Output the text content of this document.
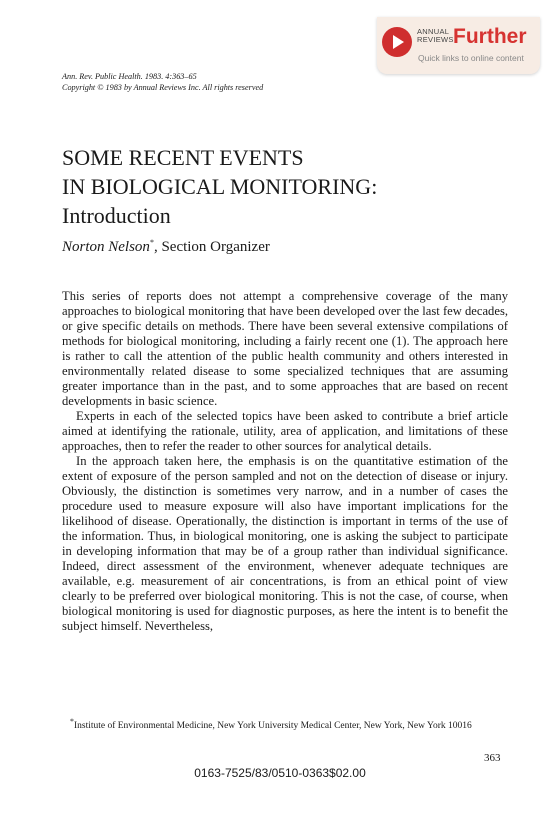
ANNUAL
REVIEWS Further
Quick links to online content
Ann. Rev. Public Health. 1983. 4:363–65
Copyright © 1983 by Annual Reviews Inc. All rights reserved
SOME RECENT EVENTS
IN BIOLOGICAL MONITORING:
Introduction
Norton Nelson*, Section Organizer

This series of reports does not attempt a comprehensive coverage of the many approaches to biological monitoring that have been developed over the last few decades, or give specific details on methods. There have been several extensive compilations of methods for biological monitoring, including a fairly recent one (1). The approach here is rather to call the attention of the public health community and others interested in environmentally related disease to some specialized techniques that are assuming greater importance than in the past, and to some approaches that are based on recent developments in basic science.

Experts in each of the selected topics have been asked to contribute a brief article aimed at identifying the rationale, utility, area of application, and limitations of these approaches, then to refer the reader to other sources for analytical details.

In the approach taken here, the emphasis is on the quantitative estimation of the extent of exposure of the person sampled and not on the detection of disease or injury. Obviously, the distinction is sometimes very narrow, and in a number of cases the procedure used to measure exposure will also have important implications for the likelihood of disease. Operationally, the distinction is important in terms of the use of the information. Thus, in biological monitoring, one is asking the subject to participate in developing information that may be of a group rather than individual significance. Indeed, direct assessment of the environment, whenever adequate techniques are available, e.g. measurement of air concentrations, is from an ethical point of view clearly to be preferred over biological monitoring. This is not the case, of course, when biological monitoring is used for diagnostic purposes, as here the intent is to benefit the subject himself. Nevertheless,

*Institute of Environmental Medicine, New York University Medical Center, New York, New York 10016
363
0163-7525/83/0510-0363$02.00
